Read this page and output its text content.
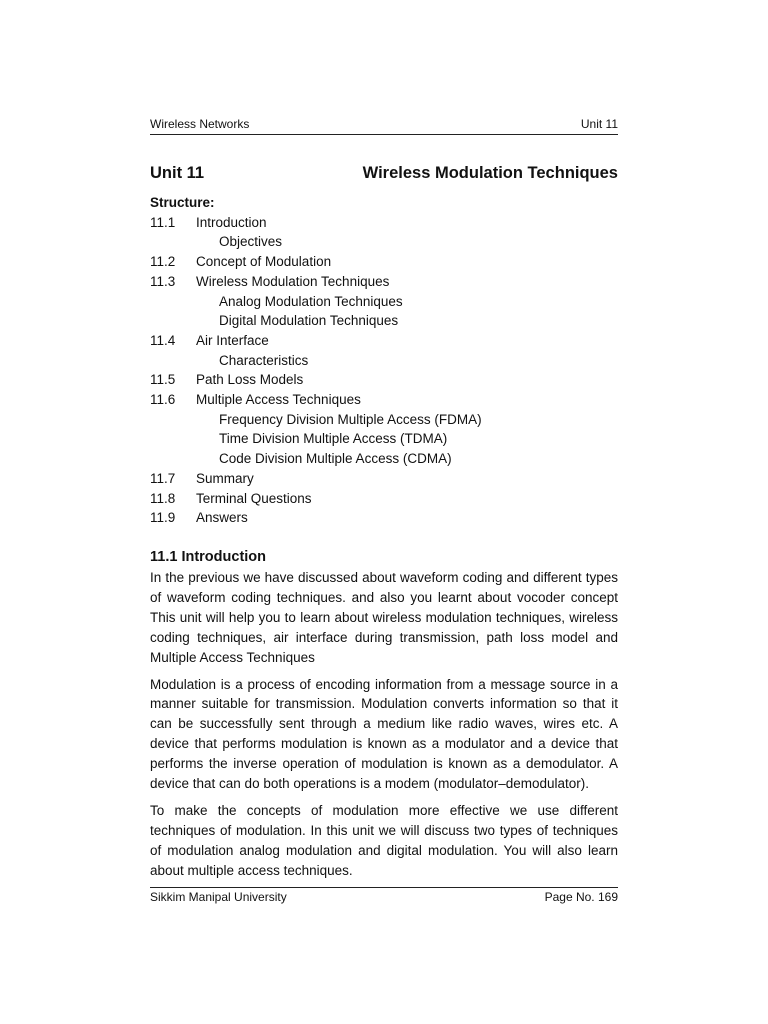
Wireless Networks	Unit 11
Unit 11	Wireless Modulation Techniques
Structure:
11.1	Introduction
Objectives
11.2	Concept of Modulation
11.3	Wireless Modulation Techniques
Analog Modulation Techniques
Digital Modulation Techniques
11.4	Air Interface
Characteristics
11.5	Path Loss Models
11.6	Multiple Access Techniques
Frequency Division Multiple Access (FDMA)
Time Division Multiple Access (TDMA)
Code Division Multiple Access (CDMA)
11.7	Summary
11.8	Terminal Questions
11.9	Answers
11.1 Introduction

In the previous we have discussed about waveform coding and different types of waveform coding techniques. and also you learnt about vocoder concept This unit will help you to learn about wireless modulation techniques, wireless coding techniques, air interface during transmission, path loss model and Multiple Access Techniques

Modulation is a process of encoding information from a message source in a manner suitable for transmission. Modulation converts information so that it can be successfully sent through a medium like radio waves, wires etc. A device that performs modulation is known as a modulator and a device that performs the inverse operation of modulation is known as a demodulator. A device that can do both operations is a modem (modulator–demodulator).

To make the concepts of modulation more effective we use different techniques of modulation. In this unit we will discuss two types of techniques of modulation analog modulation and digital modulation. You will also learn about multiple access techniques.

Sikkim Manipal University	Page No. 169
